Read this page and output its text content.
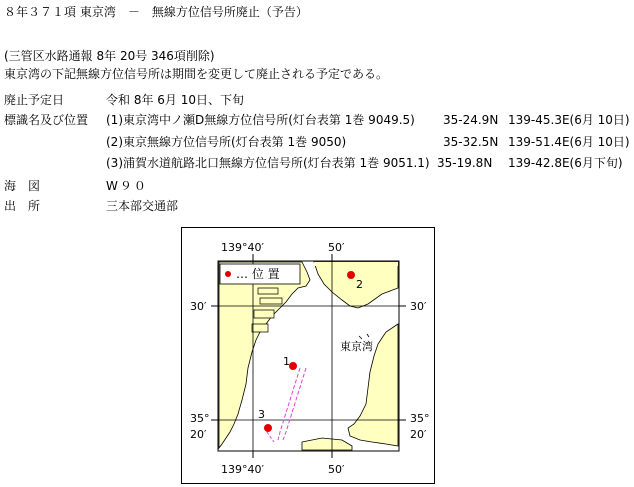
８年３７１項 東京湾　－　無線方位信号所廃止（予告）
(三管区水路通報 8年 20号 346項削除)
東京湾の下記無線方位信号所は期間を変更して廃止される予定である。
廃止予定日	令和 8年 6月 10日、下旬
標識名及び位置 (1)東京湾中ノ瀬D無線方位信号所(灯台表第 1巻 9049.5) 35-24.9N 139-45.3E(6月 10日)
(2)東京無線方位信号所(灯台表第 1巻 9050)	35-32.5N 139-51.4E(6月 10日)
(3)浦賀水道航路北口無線方位信号所(灯台表第 1巻 9051.1) 35-19.8N 139-42.8E(6月下旬)
海　図	W９０
出　所	三本部交通部
139°40′	50′
139°40′	50′
30′
35°
20′
30′
35°
20′
… 位 置
東京湾
1
2
3
